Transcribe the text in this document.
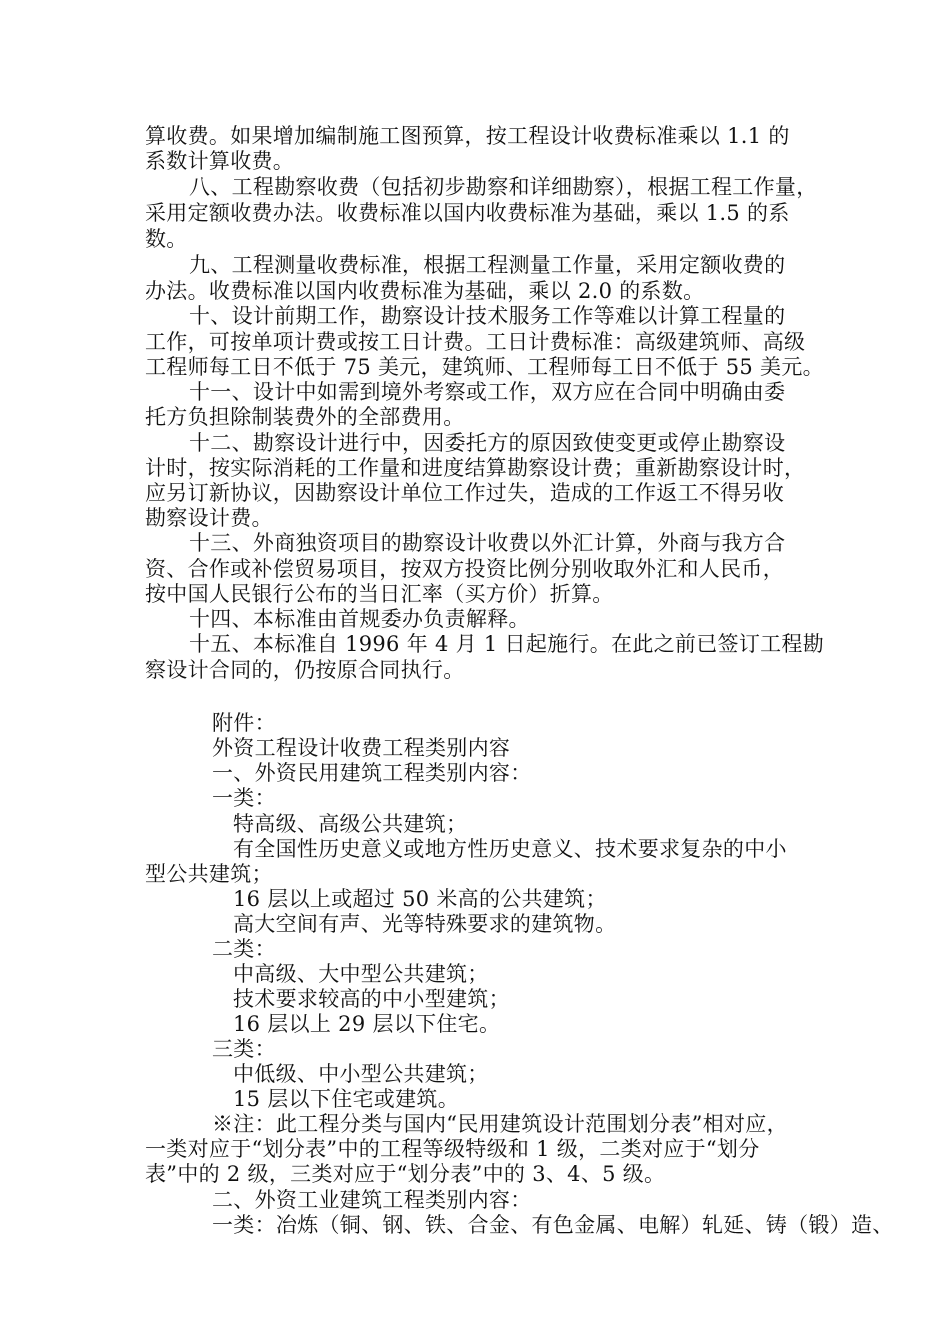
算收费。如果增加编制施工图预算，按工程设计收费标准乘以 1.1 的
系数计算收费。
八、工程勘察收费（包括初步勘察和详细勘察），根据工程工作量，
采用定额收费办法。收费标准以国内收费标准为基础，乘以 1.5 的系
数。
九、工程测量收费标准，根据工程测量工作量，采用定额收费的
办法。收费标准以国内收费标准为基础，乘以 2.0 的系数。
十、设计前期工作，勘察设计技术服务工作等难以计算工程量的
工作，可按单项计费或按工日计费。工日计费标准：高级建筑师、高级
工程师每工日不低于 75 美元，建筑师、工程师每工日不低于 55 美元。
十一、设计中如需到境外考察或工作，双方应在合同中明确由委
托方负担除制装费外的全部费用。
十二、勘察设计进行中，因委托方的原因致使变更或停止勘察设
计时，按实际消耗的工作量和进度结算勘察设计费；重新勘察设计时，
应另订新协议，因勘察设计单位工作过失，造成的工作返工不得另收
勘察设计费。
十三、外商独资项目的勘察设计收费以外汇计算，外商与我方合
资、合作或补偿贸易项目，按双方投资比例分别收取外汇和人民币，
按中国人民银行公布的当日汇率（买方价）折算。
十四、本标准由首规委办负责解释。
十五、本标准自 1996 年 4 月 1 日起施行。在此之前已签订工程勘
察设计合同的，仍按原合同执行。
附件：
外资工程设计收费工程类别内容
一、外资民用建筑工程类别内容：
一类：
特高级、高级公共建筑；
有全国性历史意义或地方性历史意义、技术要求复杂的中小
型公共建筑；
16 层以上或超过 50 米高的公共建筑；
高大空间有声、光等特殊要求的建筑物。
二类：
中高级、大中型公共建筑；
技术要求较高的中小型建筑；
16 层以上 29 层以下住宅。
三类：
中低级、中小型公共建筑；
15 层以下住宅或建筑。
※注：此工程分类与国内“民用建筑设计范围划分表”相对应，
一类对应于“划分表”中的工程等级特级和 1 级，二类对应于“划分
表”中的 2 级，三类对应于“划分表”中的 3、4、5 级。
二、外资工业建筑工程类别内容：
一类：冶炼（铜、钢、铁、合金、有色金属、电解）轧延、铸（锻）造、
